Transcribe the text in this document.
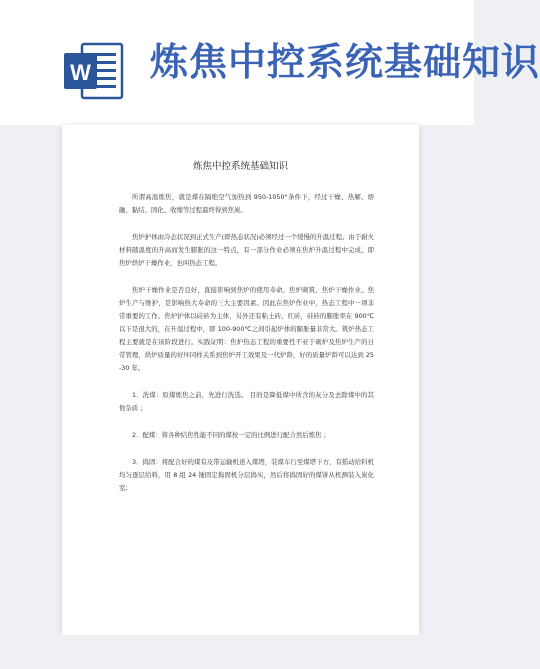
W 炼焦中控系统基础知识
炼焦中控系统基础知识

所谓高温炼焦，就是煤在隔绝空气加热到 950-1050°条件下，经过干燥、热解、熔融、黏结、固化、收缩等过程最终得到焦炭。

焦炉护体由冷态状况到正式生产(即热态状况)必须经过一个缓慢的升温过程。由于耐火材料随温度的升高而发生膨胀的这一特点，有一部分作业必须在焦炉升温过程中完成，即焦炉烘炉干燥作业，也叫热态工程。

焦炉干燥作业是否良好，直接影响到焦炉的使用寿命。焦炉砌筑、焦炉干燥作业、焦炉生产与维护，是影响热大寿命的三大主要因素。因此在焦炉作业中，热态工程中一项非常重要的工作。焦炉护体以硅砖为主体，另外还有粘土砖、红砖，硅砖的膨胀率在 900℃以下是很大的，在升温过程中，即 100-900℃之间引起炉体的膨胀量非常大。筑炉热态工程主要就是在该阶段进行。实践证明：焦炉热态工程的重要性不亚于砌炉及焦炉生产的日常管理，烘炉质量的好坏同样关系到焦炉开工效果及一代炉龄，好的质量炉龄可以达到 25-30 年。

1．洗煤：原煤炼焦之前，先进行洗选。 目的是降低煤中所含的灰分及去除煤中的其他杂质 ；

2．配煤：将各种结焦性能不同的煤按一定的比例进行配合然后炼焦 ；

3．捣固：将配合好的煤有皮带运输机送入煤塔，装煤车行至煤塔下方，有摇动给料机均匀逐层给料，用 8 组 24 锤固定捣固机分层捣实，然后将捣固好的煤饼从机测装入炭化室;
